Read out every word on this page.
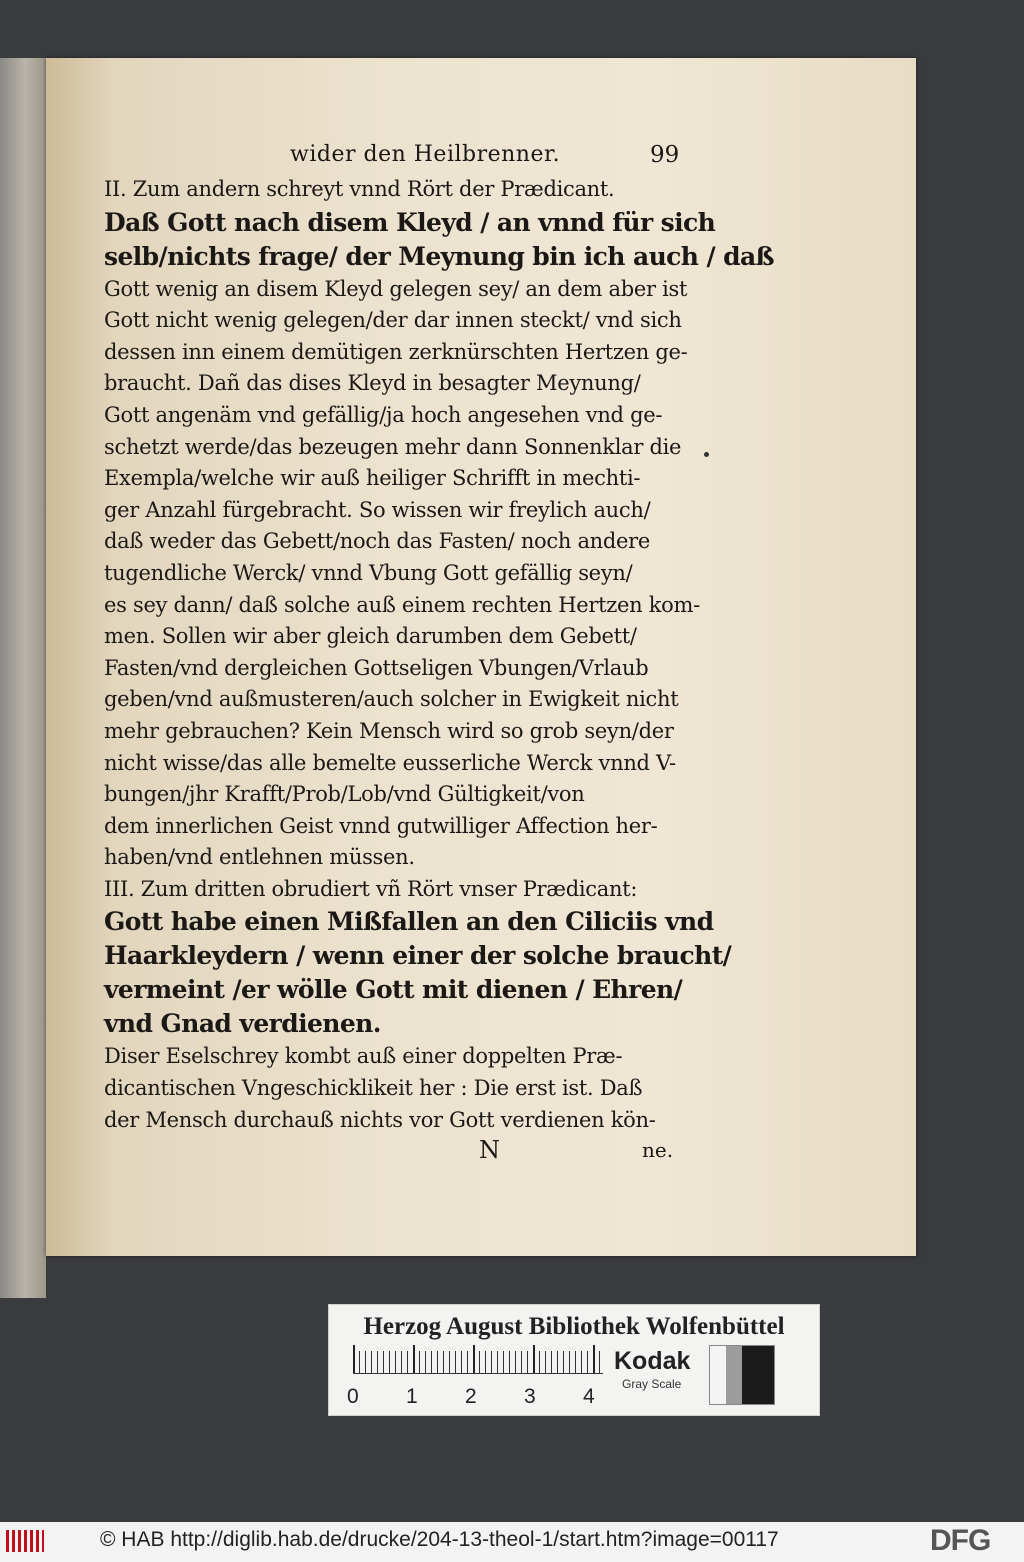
wider den Heilbrenner.	99
II. Zum andern schreyt vnnd Rört der Prædicant.
Daß Gott nach disem Kleyd / an vnnd für sich
selb/nichts frage/ der Meynung bin ich auch / daß
Gott wenig an disem Kleyd gelegen sey/ an dem aber ist
Gott nicht wenig gelegen/der dar innen steckt/ vnd sich
dessen inn einem demütigen zerknürschten Hertzen ge-
braucht. Dañ das dises Kleyd in besagter Meynung/
Gott angenäm vnd gefällig/ja hoch angesehen vnd ge-
schetzt werde/das bezeugen mehr dann Sonnenklar die
Exempla/welche wir auß heiliger Schrifft in mechti-
ger Anzahl fürgebracht. So wissen wir freylich auch/
daß weder das Gebett/noch das Fasten/ noch andere
tugendliche Werck/ vnnd Vbung Gott gefällig seyn/
es sey dann/ daß solche auß einem rechten Hertzen kom-
men. Sollen wir aber gleich darumben dem Gebett/
Fasten/vnd dergleichen Gottseligen Vbungen/Vrlaub
geben/vnd außmusteren/auch solcher in Ewigkeit nicht
mehr gebrauchen? Kein Mensch wird so grob seyn/der
nicht wisse/das alle bemelte eusserliche Werck vnnd V-
bungen/jhr Krafft/Prob/Lob/vnd Gültigkeit/von
dem innerlichen Geist vnnd gutwilliger Affection her-
haben/vnd entlehnen müssen.
III. Zum dritten obrudiert vñ Rört vnser Prædicant:
Gott habe einen Mißfallen an den Ciliciis vnd
Haarkleydern / wenn einer der solche braucht/
vermeint /er wölle Gott mit dienen / Ehren/
vnd Gnad verdienen.
Diser Eselschrey kombt auß einer doppelten Præ-
dicantischen Vngeschicklikeit her : Die erst ist. Daß
der Mensch durchauß nichts vor Gott verdienen kön-
N	ne.
Herzog August Bibliothek Wolfenbüttel
0 1 2 3 4
Kodak
Gray Scale
© HAB http://diglib.hab.de/drucke/204-13-theol-1/start.htm?image=00117	DFG
